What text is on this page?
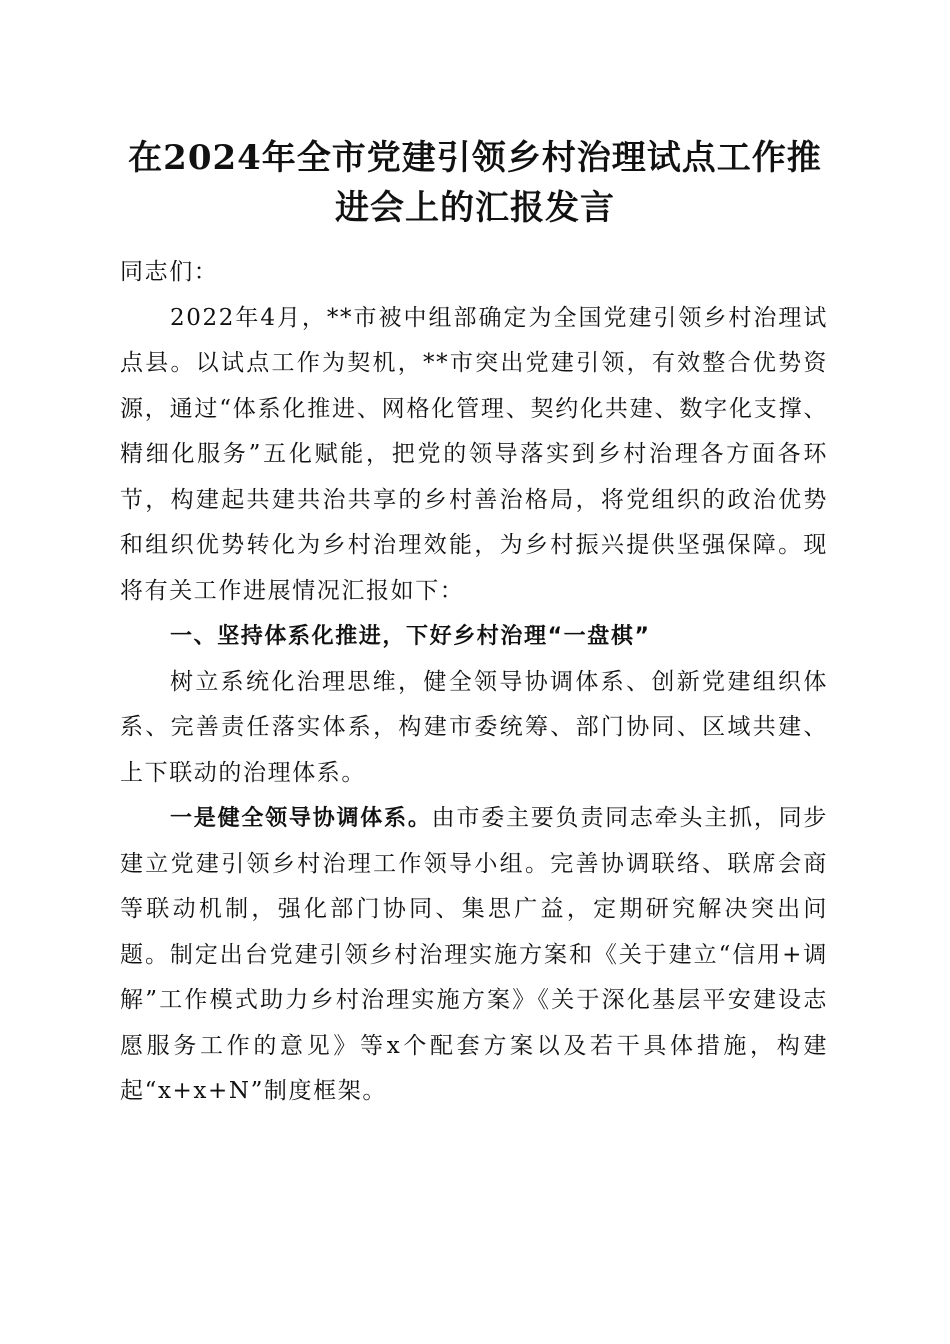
在2024年全市党建引领乡村治理试点工作推
进会上的汇报发言

同志们：

2022年4月，**市被中组部确定为全国党建引领乡村治理试点县。以试点工作为契机，**市突出党建引领，有效整合优势资源，通过“体系化推进、网格化管理、契约化共建、数字化支撑、精细化服务”五化赋能，把党的领导落实到乡村治理各方面各环节，构建起共建共治共享的乡村善治格局，将党组织的政治优势和组织优势转化为乡村治理效能，为乡村振兴提供坚强保障。现将有关工作进展情况汇报如下：

一、坚持体系化推进，下好乡村治理“一盘棋”

树立系统化治理思维，健全领导协调体系、创新党建组织体系、完善责任落实体系，构建市委统筹、部门协同、区域共建、上下联动的治理体系。

一是健全领导协调体系。由市委主要负责同志牵头主抓，同步建立党建引领乡村治理工作领导小组。完善协调联络、联席会商等联动机制，强化部门协同、集思广益，定期研究解决突出问题。制定出台党建引领乡村治理实施方案和《关于建立“信用+调解”工作模式助力乡村治理实施方案》《关于深化基层平安建设志愿服务工作的意见》等x个配套方案以及若干具体措施，构建起“x+x+N”制度框架。
